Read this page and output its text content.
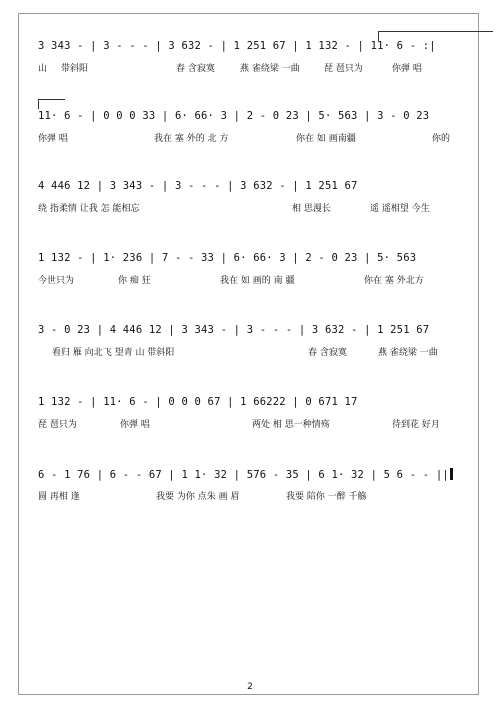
3 343 - | 3 - - - | 3 632 - | 1 251 67 | 1 132 - | 11· 6 - :|
山 带斜阳	春 含寂寞	燕 雀绕梁 一曲	琵 琶只为	你弹 唱
11· 6 - | 0 0 0 33 | 6· 66· 3 | 2 - 0 23 | 5· 563 | 3 - 0 23
你弹 唱	我在 塞 外的 北 方	你在 如 画南疆	你的
4 446 12 | 3 343 - | 3 - - - | 3 632 - | 1 251 67
绕 指柔情 让我 怎 能相忘	相 思漫长	遥 遥相望 今生
1 132 - | 1· 236 | 7 - - 33 | 6· 66· 3 | 2 - 0 23 | 5· 563
今世只为	你 痴 狂	我在 如 画的 南 疆	你在 塞 外北方
3 - 0 23 | 4 446 12 | 3 343 - | 3 - - - | 3 632 - | 1 251 67
看归 雁 向北飞 望青 山 带斜阳	春 含寂寞	燕 雀绕梁 一曲
1 132 - | 11· 6 - | 0 0 0 67 | 1 66222 | 0 671 17
琵 琶只为	你弹 唱	两处 相 思一种情殇	待到花 好月
6 - 1 76 | 6 - - 67 | 1 1· 32 | 576 - 35 | 6 1· 32 | 5 6 - - ||
圆 再相 逢	我要 为你 点朱 画 眉	我要 陪你 一醉 千觞
2
